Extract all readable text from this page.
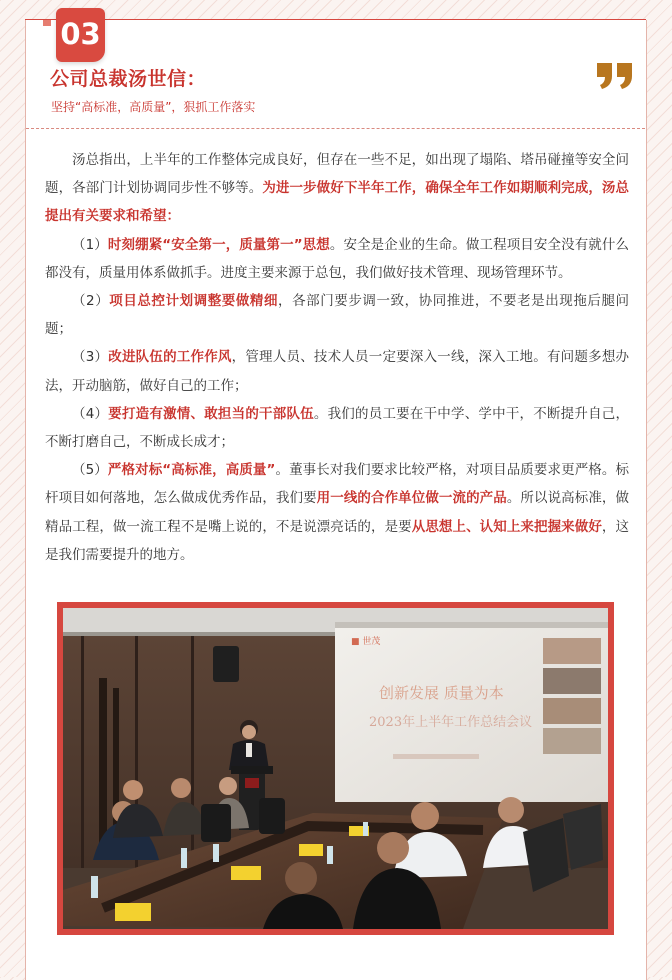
03
公司总裁汤世信：
坚持“高标准，高质量”，狠抓工作落实

汤总指出，上半年的工作整体完成良好，但存在一些不足，如出现了塌陷、塔吊碰撞等安全问题，各部门计划协调同步性不够等。为进一步做好下半年工作，确保全年工作如期顺利完成，汤总提出有关要求和希望：

（1）时刻绷紧“安全第一，质量第一”思想。安全是企业的生命。做工程项目安全没有就什么都没有，质量用体系做抓手。进度主要来源于总包，我们做好技术管理、现场管理环节。

（2）项目总控计划调整要做精细，各部门要步调一致，协同推进，不要老是出现拖后腿问题；

（3）改进队伍的工作作风，管理人员、技术人员一定要深入一线，深入工地。有问题多想办法，开动脑筋，做好自己的工作；

（4）要打造有激情、敢担当的干部队伍。我们的员工要在干中学、学中干，不断提升自己，不断打磨自己，不断成长成才；

（5）严格对标“高标准，高质量”。董事长对我们要求比较严格，对项目品质要求更严格。标杆项目如何落地，怎么做成优秀作品，我们要用一线的合作单位做一流的产品。所以说高标准，做精品工程，做一流工程不是嘴上说的，不是说漂亮话的，是要从思想上、认知上来把握来做好，这是我们需要提升的地方。

■ 世茂
创新发展 质量为本
2023年上半年工作总结会议
